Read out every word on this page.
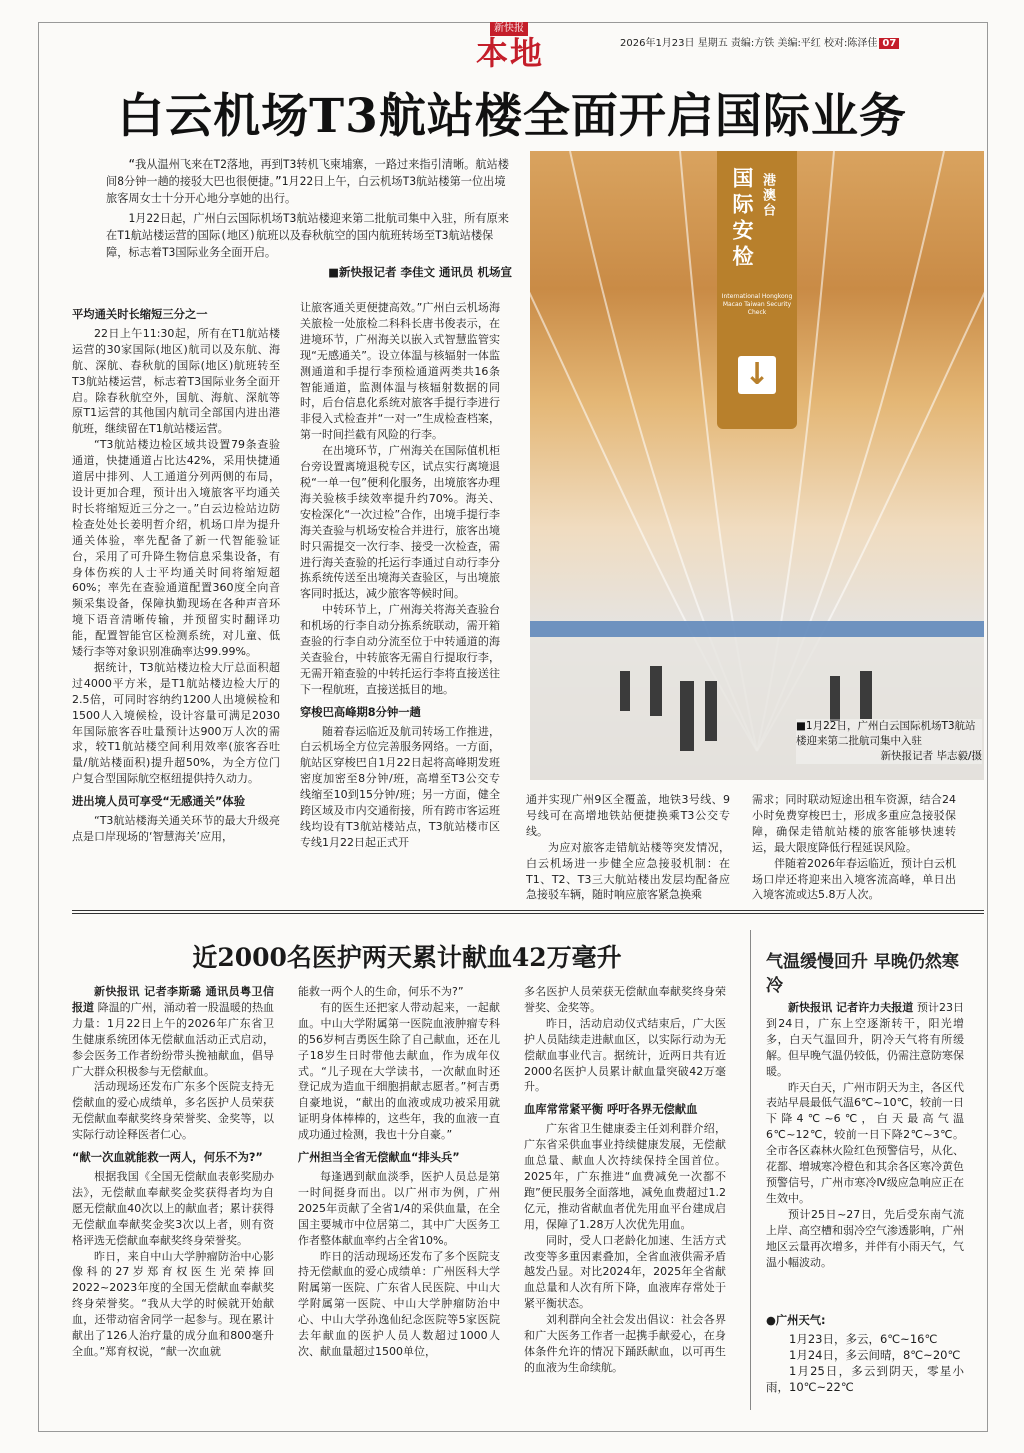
新快报
本地	2026年1月23日 星期五 责编:方铁 美编:平红 校对:陈泽佳 07
白云机场T3航站楼全面开启国际业务

“我从温州飞来在T2落地，再到T3转机飞柬埔寨，一路过来指引清晰。航站楼间8分钟一趟的接驳大巴也很便捷。”1月22日上午，白云机场T3航站楼第一位出境旅客周女士十分开心地分享她的出行。

1月22日起，广州白云国际机场T3航站楼迎来第二批航司集中入驻，所有原来在T1航站楼运营的国际(地区)航班以及春秋航空的国内航班转场至T3航站楼保障，标志着T3国际业务全面开启。

■新快报记者 李佳文 通讯员 机场宣

平均通关时长缩短三分之一

22日上午11:30起，所有在T1航站楼运营的30家国际(地区)航司以及东航、海航、深航、春秋航的国际(地区)航班转至T3航站楼运营，标志着T3国际业务全面开启。除春秋航空外，国航、海航、深航等原T1运营的其他国内航司全部国内进出港航班，继续留在T1航站楼运营。

“T3航站楼边检区域共设置79条查验通道，快捷通道占比达42%，采用快捷通道居中排列、人工通道分列两侧的布局，设计更加合理，预计出入境旅客平均通关时长将缩短近三分之一。”白云边检站边防检查处处长姜明哲介绍，机场口岸为提升通关体验，率先配备了新一代智能验证台，采用了可升降生物信息采集设备，有身体伤疾的人士平均通关时间将缩短超60%；率先在查验通道配置360度全向音频采集设备，保障执勤现场在各种声音环境下语音清晰传输，并预留实时翻译功能，配置智能官区检测系统，对儿童、低矮行李等对象识别准确率达99.99%。

据统计，T3航站楼边检大厅总面积超过4000平方米，是T1航站楼边检大厅的2.5倍，可同时容纳约1200人出境候检和1500人入境候检，设计容量可满足2030年国际旅客吞吐量预计达900万人次的需求，较T1航站楼空间利用效率(旅客吞吐量/航站楼面积)提升超50%，为全方位门户复合型国际航空枢纽提供持久动力。

进出境人员可享受“无感通关”体验

“T3航站楼海关通关环节的最大升级亮点是口岸现场的‘智慧海关’应用，

让旅客通关更便捷高效。”广州白云机场海关旅检一处旅检二科科长唐书俊表示，在进境环节，广州海关以嵌入式智慧监管实现“无感通关”。设立体温与核辐射一体监测通道和手提行李预检通道两类共16条智能通道，监测体温与核辐射数据的同时，后台信息化系统对旅客手提行李进行非侵入式检查并“一对一”生成检查档案，第一时间拦截有风险的行李。

在出境环节，广州海关在国际值机柜台旁设置离境退税专区，试点实行离境退税“一单一包”便利化服务，出境旅客办理海关验核手续效率提升约70%。海关、安检深化“一次过检”合作，出境手提行李海关查验与机场安检合并进行，旅客出境时只需提交一次行李、接受一次检查，需进行海关查验的托运行李通过自动行李分拣系统传送至出境海关查验区，与出境旅客同时抵达，减少旅客等候时间。

中转环节上，广州海关将海关查验台和机场的行李自动分拣系统联动，需开箱查验的行李自动分流至位于中转通道的海关查验台，中转旅客无需自行提取行李，无需开箱查验的中转托运行李将直接送往下一程航班，直接送抵目的地。

穿梭巴高峰期8分钟一趟

随着春运临近及航司转场工作推进，白云机场全方位完善服务网络。一方面，航站区穿梭巴自1月22日起将高峰期发班密度加密至8分钟/班，高增至T3公交专线缩至10到15分钟/班；另一方面，健全跨区域及市内交通衔接，所有跨市客运班线均设有T3航站楼站点，T3航站楼市区专线1月22日起正式开

通并实现广州9区全覆盖，地铁3号线、9号线可在高增地铁站便捷换乘T3公交专线。

为应对旅客走错航站楼等突发情况，白云机场进一步健全应急接驳机制：在T1、T2、T3三大航站楼出发层均配备应急接驳车辆，随时响应旅客紧急换乘

需求；同时联动短途出租车资源，结合24小时免费穿梭巴士，形成多重应急接驳保障，确保走错航站楼的旅客能够快速转运，最大限度降低行程延误风险。

伴随着2026年春运临近，预计白云机场口岸还将迎来出入境客流高峰，单日出入境客流或达5.8万人次。

国际安检 港澳台
International Hongkong Macao Taiwan Security Check
↓
■1月22日，广州白云国际机场T3航站楼迎来第二批航司集中入驻

新快报记者 毕志毅/摄
近2000名医护两天累计献血42万毫升

新快报讯 记者李斯璐 通讯员粤卫信报道 降温的广州，涌动着一股温暖的热血力量：1月22日上午的2026年广东省卫生健康系统团体无偿献血活动正式启动，参会医务工作者纷纷带头挽袖献血，倡导广大群众积极参与无偿献血。

活动现场还发布广东多个医院支持无偿献血的爱心成绩单，多名医护人员荣获无偿献血奉献奖终身荣誉奖、金奖等，以实际行动诠释医者仁心。

“献一次血就能救一两人，何乐不为?”

根据我国《全国无偿献血表彰奖励办法》，无偿献血奉献奖金奖获得者均为自愿无偿献血40次以上的献血者；累计获得无偿献血奉献奖金奖3次以上者，则有资格评选无偿献血奉献奖终身荣誉奖。

昨日，来自中山大学肿瘤防治中心影像科的27岁郑育权医生光荣捧回2022~2023年度的全国无偿献血奉献奖终身荣誉奖。“我从大学的时候就开始献血，还带动宿舍同学一起参与。现在累计献出了126人治疗量的成分血和800毫升全血。”郑育权说，“献一次血就

能救一两个人的生命，何乐不为?”

有的医生还把家人带动起来，一起献血。中山大学附属第一医院血液肿瘤专科的56岁柯吉勇医生除了自己献血，还在儿子18岁生日时带他去献血，作为成年仪式。“儿子现在大学读书，一次献血时还登记成为造血干细胞捐献志愿者。”柯吉勇自豪地说，“献出的血液或成功被采用就证明身体棒棒的，这些年，我的血液一直成功通过检测，我也十分自豪。”

广州担当全省无偿献血“排头兵”

每逢遇到献血淡季，医护人员总是第一时间挺身而出。以广州市为例，广州2025年贡献了全省1/4的采供血量，在全国主要城市中位居第二，其中广大医务工作者整体献血率约占全省10%。

昨日的活动现场还发布了多个医院支持无偿献血的爱心成绩单：广州医科大学附属第一医院、广东省人民医院、中山大学附属第一医院、中山大学肿瘤防治中心、中山大学孙逸仙纪念医院等5家医院去年献血的医护人员人数超过1000人次、献血量超过1500单位，

多名医护人员荣获无偿献血奉献奖终身荣誉奖、金奖等。

昨日，活动启动仪式结束后，广大医护人员陆续走进献血区，以实际行动为无偿献血事业代言。据统计，近两日共有近2000名医护人员累计献血量突破42万毫升。

血库常常紧平衡 呼吁各界无偿献血

广东省卫生健康委主任刘利群介绍，广东省采供血事业持续健康发展，无偿献血总量、献血人次持续保持全国首位。2025年，广东推进“血费减免一次都不跑”便民服务全面落地，减免血费超过1.2亿元，推动省献血者优先用血平台建成启用，保障了1.28万人次优先用血。

同时，受人口老龄化加速、生活方式改变等多重因素叠加，全省血液供需矛盾越发凸显。对比2024年，2025年全省献血总量和人次有所下降，血液库存常处于紧平衡状态。

刘利群向全社会发出倡议：社会各界和广大医务工作者一起携手献爱心，在身体条件允许的情况下踊跃献血，以可再生的血液为生命续航。

气温缓慢回升 早晚仍然寒冷

新快报讯 记者许力夫报道 预计23日到24日，广东上空逐渐转干，阳光增多，白天气温回升，阴冷天气将有所缓解。但早晚气温仍较低，仍需注意防寒保暖。

昨天白天，广州市阴天为主，各区代表站早晨最低气温6℃~10℃，较前一日下降4℃~6℃，白天最高气温6℃~12℃，较前一日下降2℃~3℃。全市各区森林火险红色预警信号，从化、花都、增城寒冷橙色和其余各区寒冷黄色预警信号，广州市寒冷Ⅳ级应急响应正在生效中。

预计25日~27日，先后受东南气流上岸、高空槽和弱冷空气渗透影响，广州地区云量再次增多，并伴有小雨天气，气温小幅波动。

●广州天气:
1月23日，多云，6℃~16℃
1月24日，多云间晴，8℃~20℃
1月25日，多云到阴天，零星小雨，10℃~22℃
